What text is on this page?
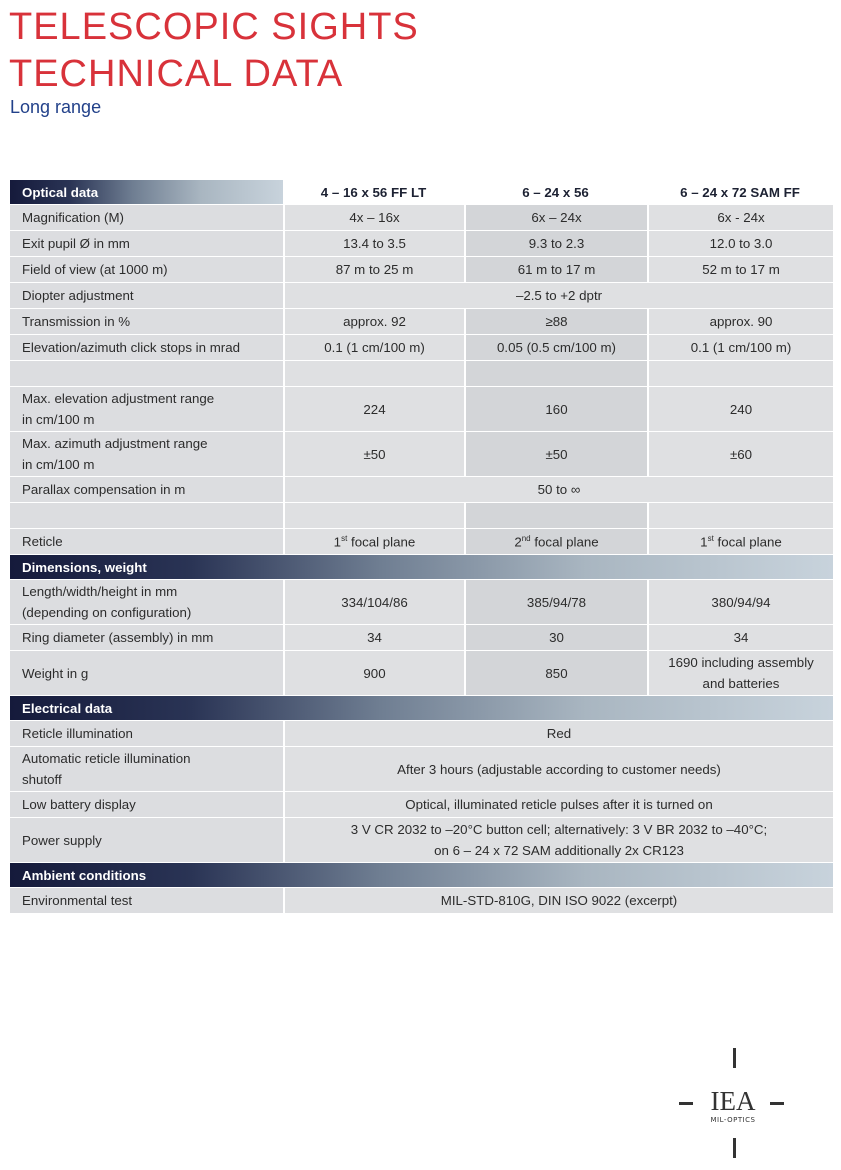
TELESCOPIC SIGHTS
TECHNICAL DATA
Long range
Optical data	4 – 16 x 56 FF LT	6 – 24 x 56	6 – 24 x 72 SAM FF
Magnification (M)	4x – 16x	6x – 24x	6x - 24x
Exit pupil Ø in mm	13.4 to 3.5	9.3 to 2.3	12.0 to 3.0
Field of view (at 1000 m)	87 m to 25 m	61 m to 17 m	52 m to 17 m
Diopter adjustment	–2.5 to +2 dptr		
Transmission in %	approx. 92	≥88	approx. 90
Elevation/azimuth click stops in mrad	0.1 (1 cm/100 m)	0.05 (0.5 cm/100 m)	0.1 (1 cm/100 m)

Max. elevation adjustment range
in cm/100 m	224	160	240
Max. azimuth adjustment range
in cm/100 m	±50	±50	±60
Parallax compensation in m	50 to ∞		

Reticle	1st focal plane	2nd focal plane	1st focal plane
Dimensions, weight			
Length/width/height in mm
(depending on configuration)	334/104/86	385/94/78	380/94/94
Ring diameter (assembly) in mm	34	30	34
Weight in g	900	850	1690 including assembly
and batteries
Electrical data			
Reticle illumination	Red		
Automatic reticle illumination
shutoff	After 3 hours (adjustable according to customer needs)		
Low battery display	Optical, illuminated reticle pulses after it is turned on		
Power supply	3 V CR 2032 to –20°C button cell; alternatively: 3 V BR 2032 to –40°C;
on 6 – 24 x 72 SAM additionally 2x CR123		
Ambient conditions			
Environmental test	MIL-STD-810G, DIN ISO 9022 (excerpt)		
IEA
MIL-OPTICS
